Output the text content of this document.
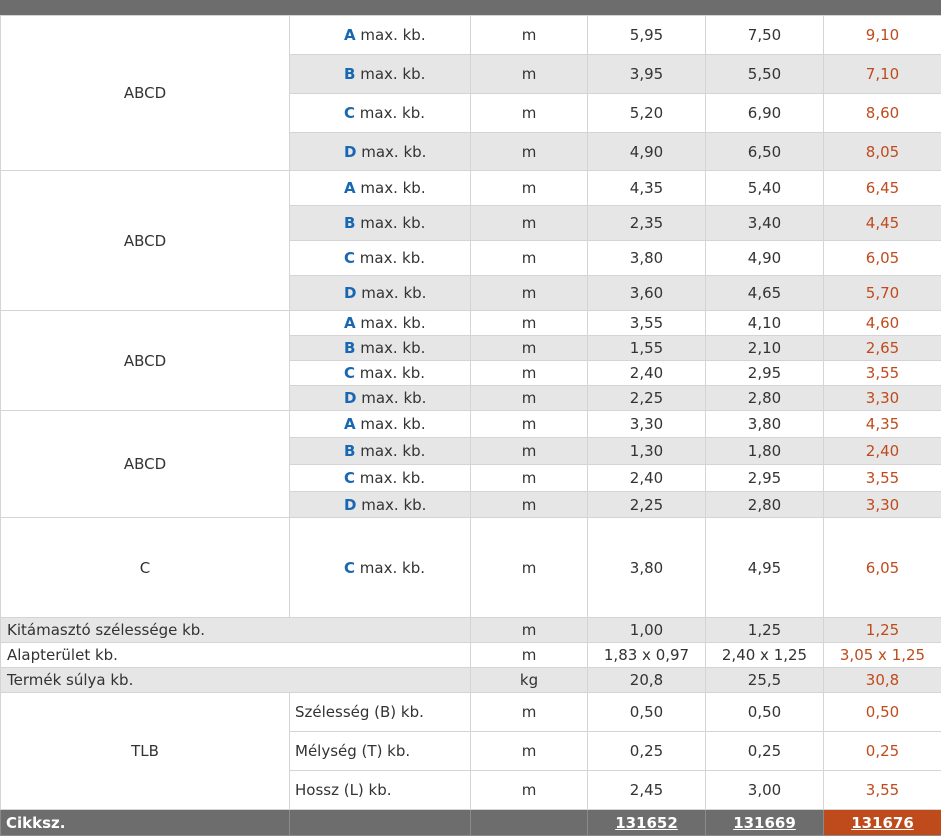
ABCD	A max. kb.	m	5,95	7,50	9,10
	B max. kb.	m	3,95	5,50	7,10
	C max. kb.	m	5,20	6,90	8,60
	D max. kb.	m	4,90	6,50	8,05
ABCD	A max. kb.	m	4,35	5,40	6,45
	B max. kb.	m	2,35	3,40	4,45
	C max. kb.	m	3,80	4,90	6,05
	D max. kb.	m	3,60	4,65	5,70
ABCD	A max. kb.	m	3,55	4,10	4,60
	B max. kb.	m	1,55	2,10	2,65
	C max. kb.	m	2,40	2,95	3,55
	D max. kb.	m	2,25	2,80	3,30
ABCD	A max. kb.	m	3,30	3,80	4,35
	B max. kb.	m	1,30	1,80	2,40
	C max. kb.	m	2,40	2,95	3,55
	D max. kb.	m	2,25	2,80	3,30
C	C max. kb.	m	3,80	4,95	6,05
Kitámasztó szélessége kb.		m	1,00	1,25	1,25
Alapterület kb.		m	1,83 x 0,97	2,40 x 1,25	3,05 x 1,25
Termék súlya kb.		kg	20,8	25,5	30,8
TLB	Szélesség (B) kb.	m	0,50	0,50	0,50
	Mélység (T) kb.	m	0,25	0,25	0,25
	Hossz (L) kb.	m	2,45	3,00	3,55
Cikksz.			131652	131669	131676
